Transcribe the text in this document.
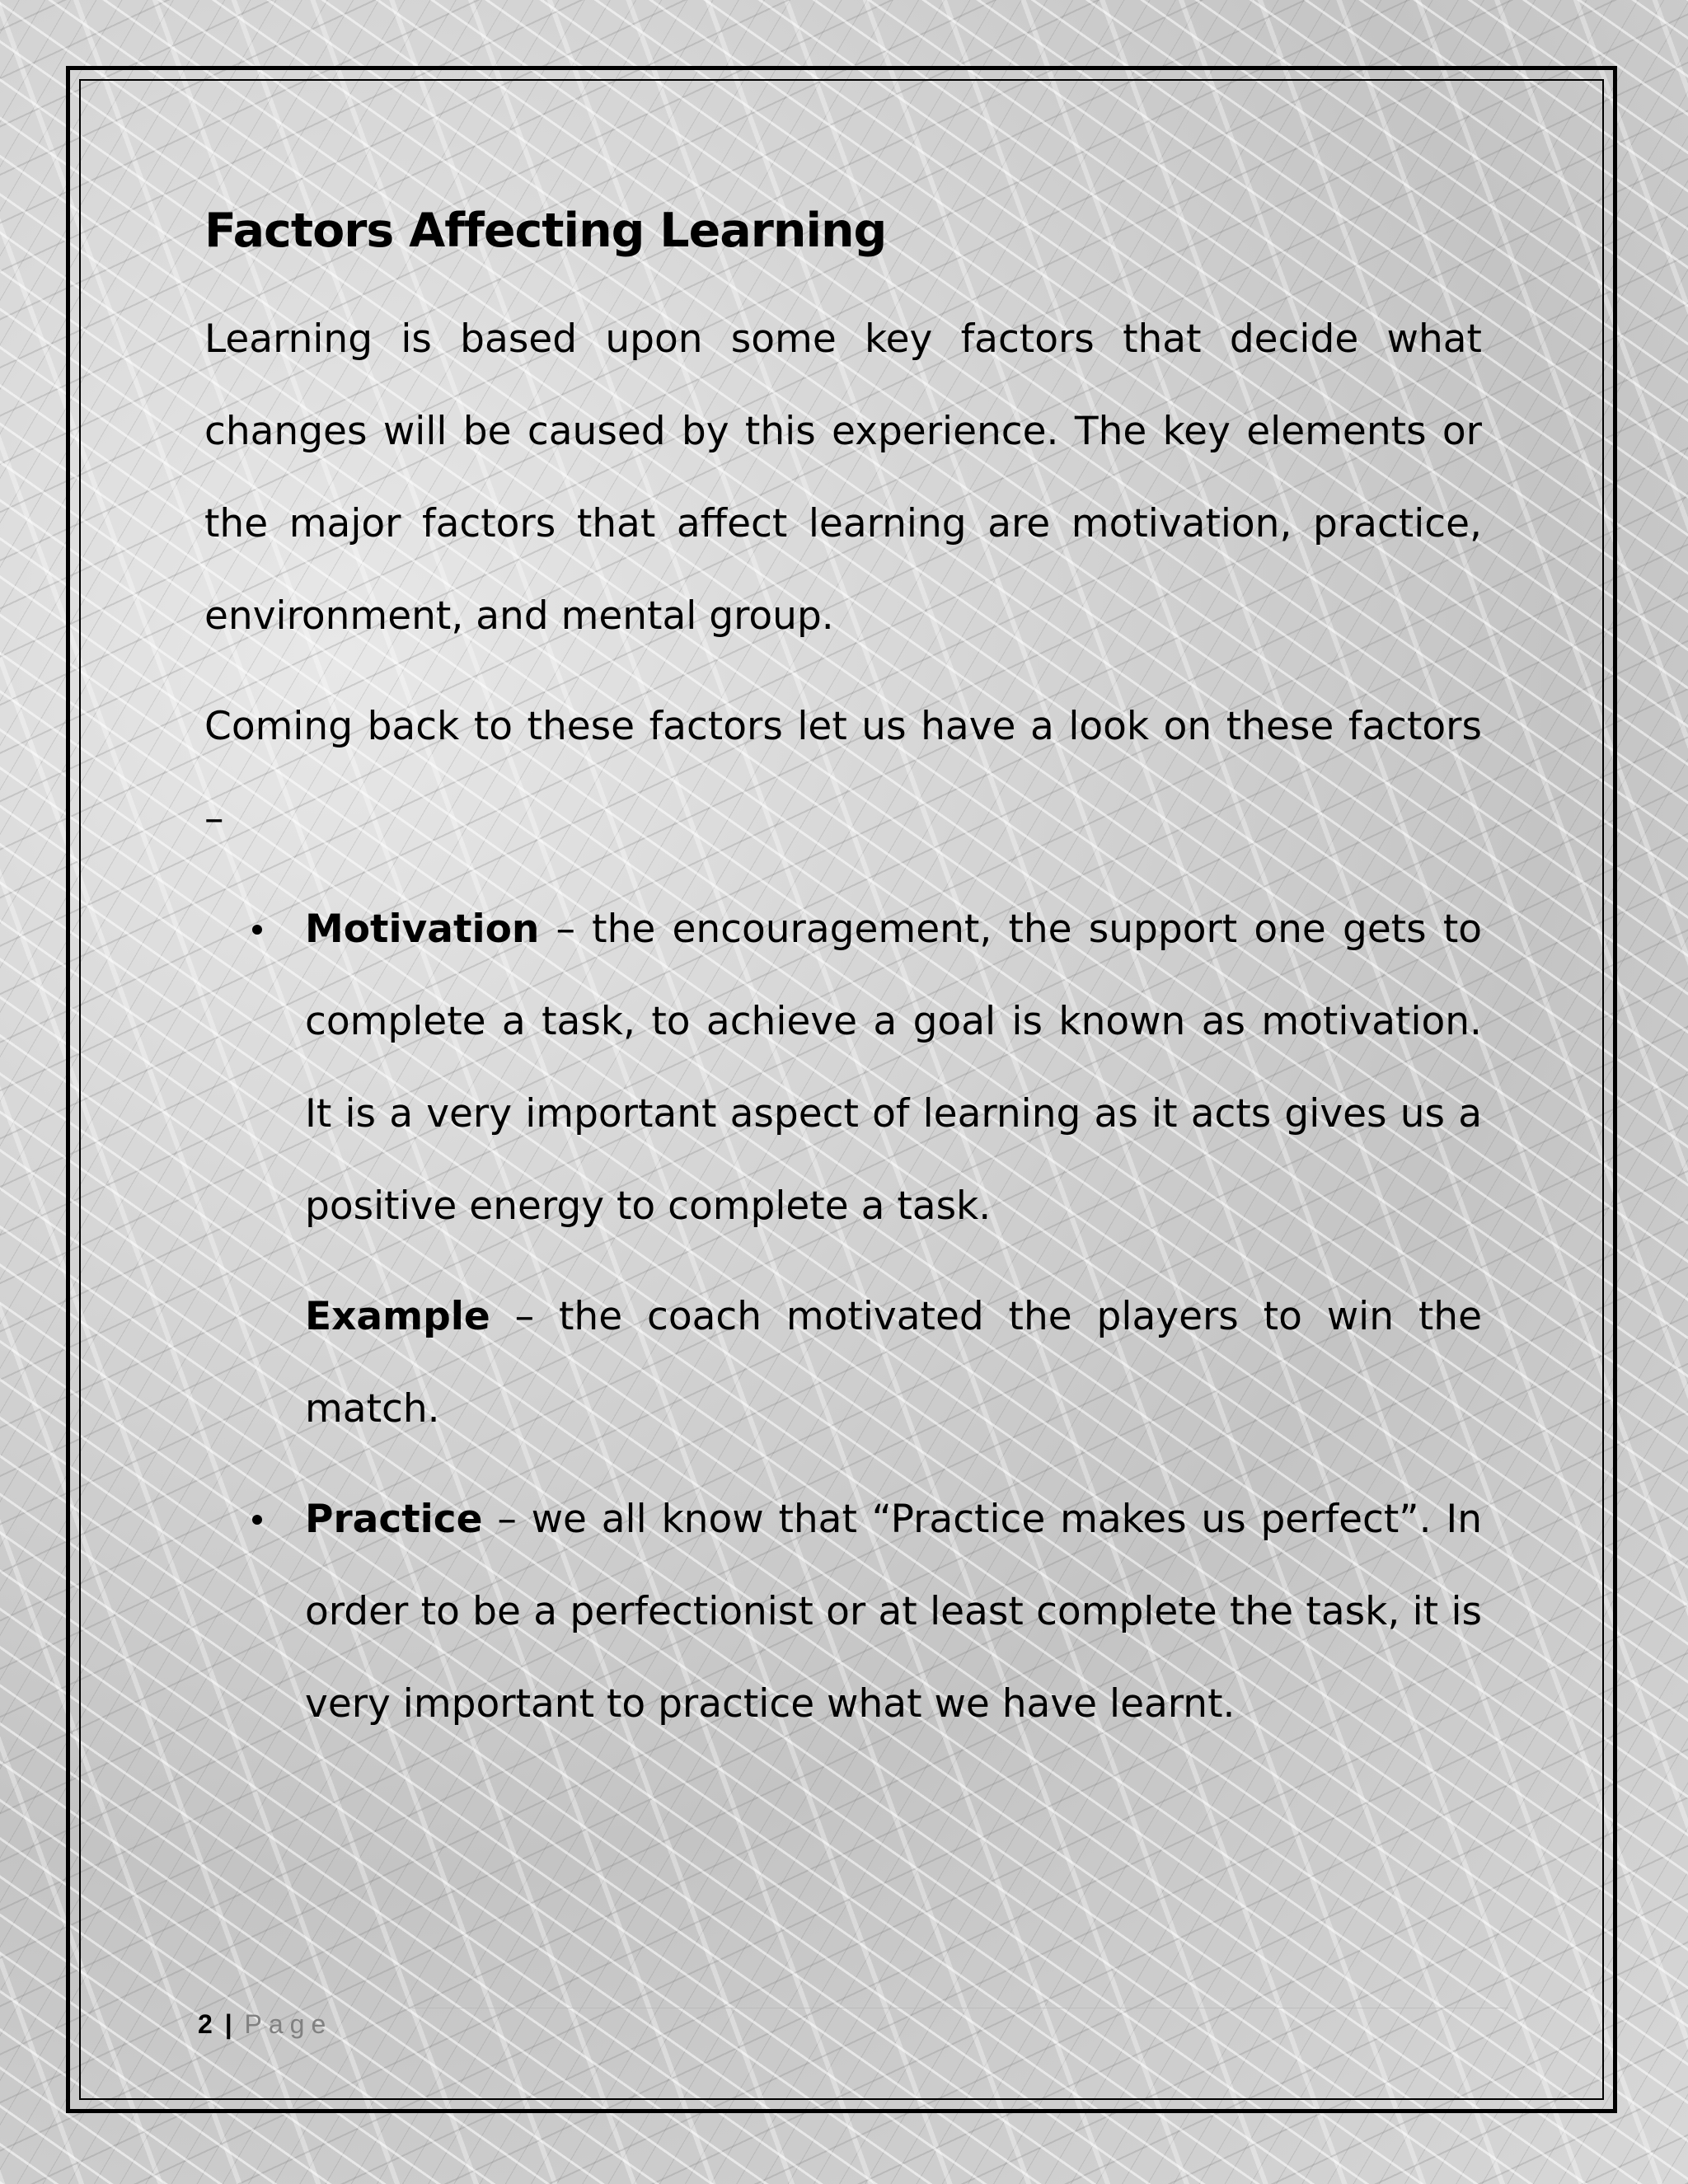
Factors Affecting Learning

Learning is based upon some key factors that decide what changes will be caused by this experience. The key elements or the major factors that affect learning are motivation, practice, environment, and mental group.

Coming back to these factors let us have a look on these factors –

Motivation – the encouragement, the support one gets to complete a task, to achieve a goal is known as motivation. It is a very important aspect of learning as it acts gives us a positive energy to complete a task.

Example – the coach motivated the players to win the match.

Practice – we all know that “Practice makes us perfect”. In order to be a perfectionist or at least complete the task, it is very important to practice what we have learnt.

2 | Page
